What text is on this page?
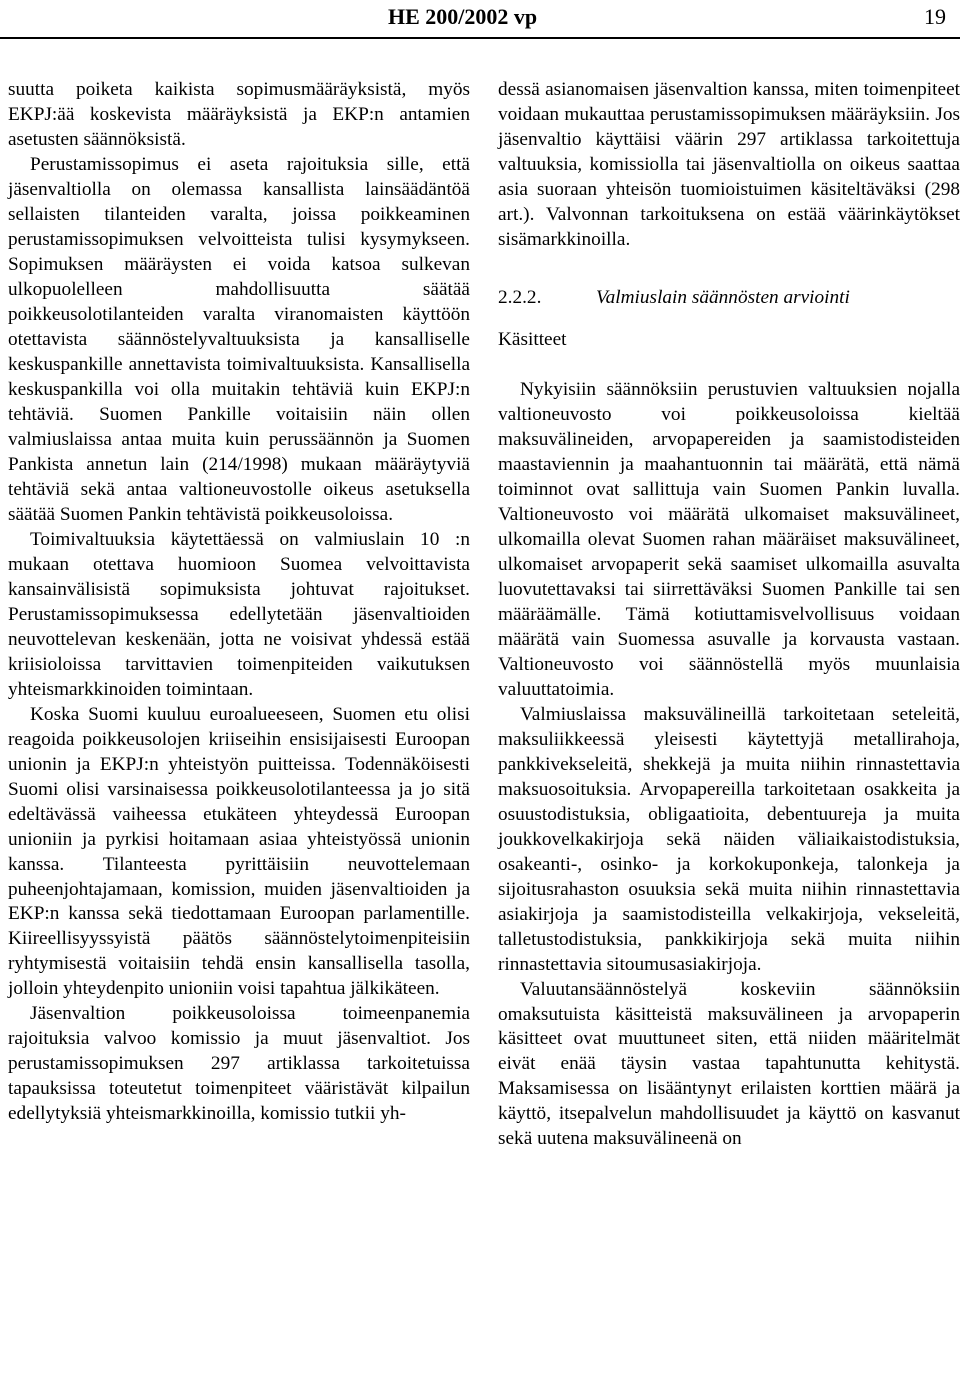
HE 200/2002 vp	19

suutta poiketa kaikista sopimusmääräyksistä, myös EKPJ:ää koskevista määräyksistä ja EKP:n antamien asetusten säännöksistä.

Perustamissopimus ei aseta rajoituksia sille, että jäsenvaltiolla on olemassa kansallista lainsäädäntöä sellaisten tilanteiden varalta, joissa poikkeaminen perustamissopimuksen velvoitteista tulisi kysymykseen. Sopimuksen määräysten ei voida katsoa sulkevan ulkopuolelleen mahdollisuutta säätää poikkeusolotilanteiden varalta viranomaisten käyttöön otettavista säännöstelyvaltuuksista ja kansalliselle keskuspankille annettavista toimivaltuuksista. Kansallisella keskuspankilla voi olla muitakin tehtäviä kuin EKPJ:n tehtäviä. Suomen Pankille voitaisiin näin ollen valmiuslaissa antaa muita kuin perussäännön ja Suomen Pankista annetun lain (214/1998) mukaan määräytyviä tehtäviä sekä antaa valtioneuvostolle oikeus asetuksella säätää Suomen Pankin tehtävistä poikkeusoloissa.

Toimivaltuuksia käytettäessä on valmiuslain 10 :n mukaan otettava huomioon Suomea velvoittavista kansainvälisistä sopimuksista johtuvat rajoitukset. Perustamissopimuksessa edellytetään jäsenvaltioiden neuvottelevan keskenään, jotta ne voisivat yhdessä estää kriisioloissa tarvittavien toimenpiteiden vaikutuksen yhteismarkkinoiden toimintaan.

Koska Suomi kuuluu euroalueeseen, Suomen etu olisi reagoida poikkeusolojen kriiseihin ensisijaisesti Euroopan unionin ja EKPJ:n yhteistyön puitteissa. Todennäköisesti Suomi olisi varsinaisessa poikkeusolotilanteessa ja jo sitä edeltävässä vaiheessa etukäteen yhteydessä Euroopan unioniin ja pyrkisi hoitamaan asiaa yhteistyössä unionin kanssa. Tilanteesta pyrittäisiin neuvottelemaan puheenjohtajamaan, komission, muiden jäsenvaltioiden ja EKP:n kanssa sekä tiedottamaan Euroopan parlamentille. Kiireellisyyssyistä päätös säännöstelytoimenpiteisiin ryhtymisestä voitaisiin tehdä ensin kansallisella tasolla, jolloin yhteydenpito unioniin voisi tapahtua jälkikäteen.

Jäsenvaltion poikkeusoloissa toimeenpanemia rajoituksia valvoo komissio ja muut jäsenvaltiot. Jos perustamissopimuksen 297 artiklassa tarkoitetuissa tapauksissa toteutetut toimenpiteet vääristävät kilpailun edellytyksiä yhteismarkkinoilla, komissio tutkii yh-

dessä asianomaisen jäsenvaltion kanssa, miten toimenpiteet voidaan mukauttaa perustamissopimuksen määräyksiin. Jos jäsenvaltio käyttäisi väärin 297 artiklassa tarkoitettuja valtuuksia, komissiolla tai jäsenvaltiolla on oikeus saattaa asia suoraan yhteisön tuomioistuimen käsiteltäväksi (298 art.). Valvonnan tarkoituksena on estää väärinkäytökset sisämarkkinoilla.

2.2.2.	Valmiuslain säännösten arviointi
Käsitteet

Nykyisiin säännöksiin perustuvien valtuuksien nojalla valtioneuvosto voi poikkeusoloissa kieltää maksuvälineiden, arvopapereiden ja saamistodisteiden maastaviennin ja maahantuonnin tai määrätä, että nämä toiminnot ovat sallittuja vain Suomen Pankin luvalla. Valtioneuvosto voi määrätä ulkomaiset maksuvälineet, ulkomailla olevat Suomen rahan määräiset maksuvälineet, ulkomaiset arvopaperit sekä saamiset ulkomailla asuvalta luovutettavaksi tai siirrettäväksi Suomen Pankille tai sen määräämälle. Tämä kotiuttamisvelvollisuus voidaan määrätä vain Suomessa asuvalle ja korvausta vastaan. Valtioneuvosto voi säännöstellä myös muunlaisia valuuttatoimia.

Valmiuslaissa maksuvälineillä tarkoitetaan seteleitä, maksuliikkeessä yleisesti käytettyjä metallirahoja, pankkivekseleitä, shekkejä ja muita niihin rinnastettavia maksuosoituksia. Arvopapereilla tarkoitetaan osakkeita ja osuustodistuksia, obligaatioita, debentuureja ja muita joukkovelkakirjoja sekä näiden väliaikaistodistuksia, osakeanti-, osinko- ja korkokuponkeja, talonkeja ja sijoitusrahaston osuuksia sekä muita niihin rinnastettavia asiakirjoja ja saamistodisteilla velkakirjoja, vekseleitä, talletustodistuksia, pankkikirjoja sekä muita niihin rinnastettavia sitoumusasiakirjoja.

Valuutansäännöstelyä koskeviin säännöksiin omaksutuista käsitteistä maksuvälineen ja arvopaperin käsitteet ovat muuttuneet siten, että niiden määritelmät eivät enää täysin vastaa tapahtunutta kehitystä. Maksamisessa on lisääntynyt erilaisten korttien määrä ja käyttö, itsepalvelun mahdollisuudet ja käyttö on kasvanut sekä uutena maksuvälineenä on
